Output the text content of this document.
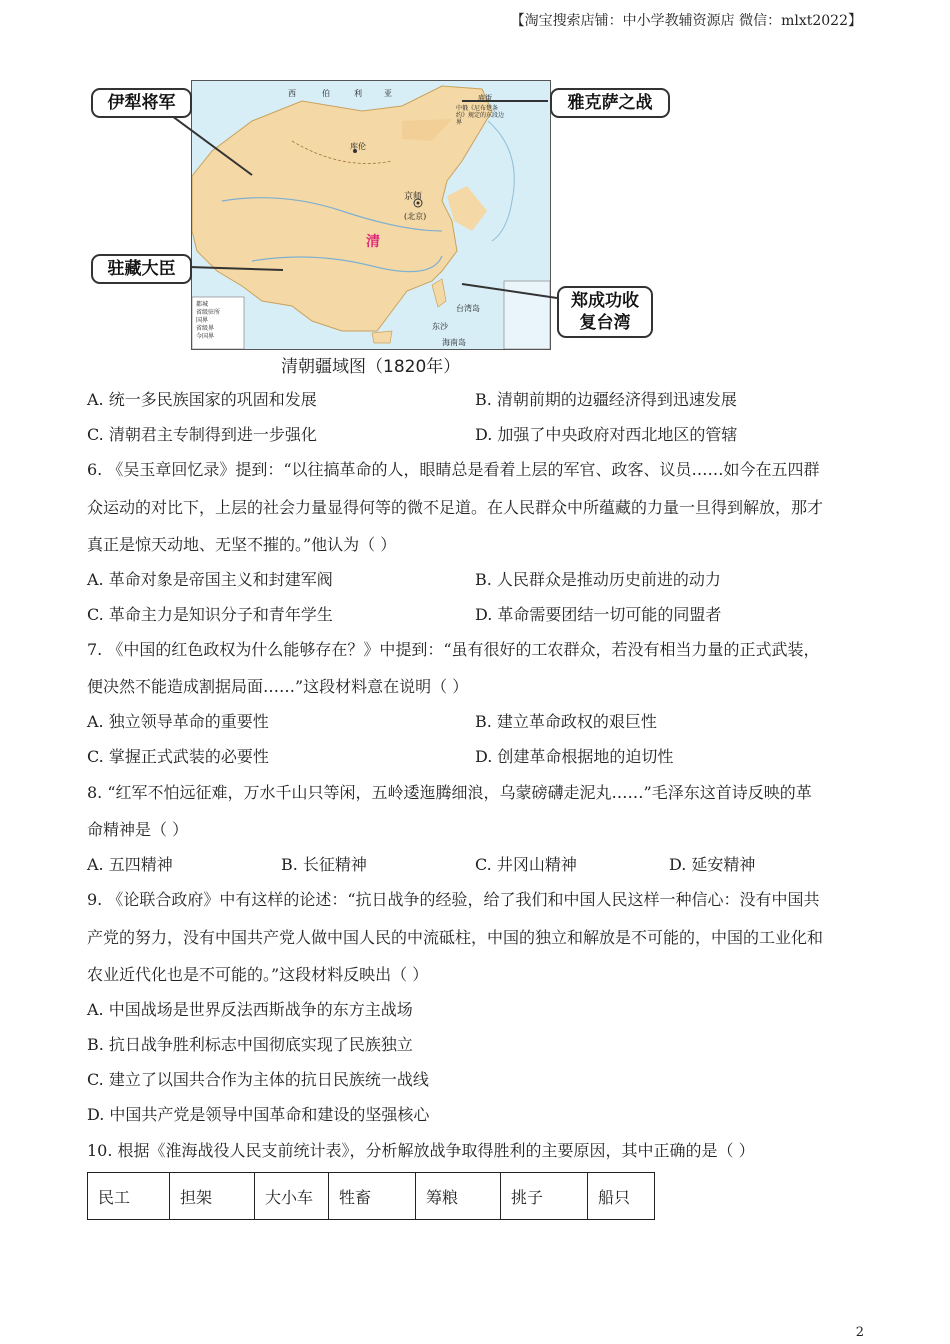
【淘宝搜索店铺：中小学教辅资源店 微信：mlxt2022】
西	伯	利	亚
库伦
京师
(北京)
清
台湾岛
东沙
海南岛
庙街
中俄《尼布楚条约》规定的东段边界
都城
省级驻所
国界
省级界
今国界
伊犁将军	雅克萨之战
驻藏大臣
郑成功收复台湾
清朝疆域图（1820年）
A. 统一多民族国家的巩固和发展	B. 清朝前期的边疆经济得到迅速发展
C. 清朝君主专制得到进一步强化	D. 加强了中央政府对西北地区的管辖
6. 《吴玉章回忆录》提到：“以往搞革命的人，眼睛总是看着上层的军官、政客、议员……如今在五四群
众运动的对比下，上层的社会力量显得何等的微不足道。在人民群众中所蕴藏的力量一旦得到解放，那才
真正是惊天动地、无坚不摧的。”他认为（ ）
A. 革命对象是帝国主义和封建军阀	B. 人民群众是推动历史前进的动力
C. 革命主力是知识分子和青年学生	D. 革命需要团结一切可能的同盟者
7. 《中国的红色政权为什么能够存在？》中提到：“虽有很好的工农群众，若没有相当力量的正式武装，
便决然不能造成割据局面……”这段材料意在说明（ ）
A. 独立领导革命的重要性	B. 建立革命政权的艰巨性
C. 掌握正式武装的必要性	D. 创建革命根据地的迫切性
8. “红军不怕远征难，万水千山只等闲，五岭逶迤腾细浪，乌蒙磅礴走泥丸……”毛泽东这首诗反映的革
命精神是（ ）
A. 五四精神	B. 长征精神	C. 井冈山精神	D. 延安精神
9. 《论联合政府》中有这样的论述：“抗日战争的经验，给了我们和中国人民这样一种信心：没有中国共
产党的努力，没有中国共产党人做中国人民的中流砥柱，中国的独立和解放是不可能的，中国的工业化和
农业近代化也是不可能的。”这段材料反映出（ ）
A. 中国战场是世界反法西斯战争的东方主战场
B. 抗日战争胜利标志中国彻底实现了民族独立
C. 建立了以国共合作为主体的抗日民族统一战线
D. 中国共产党是领导中国革命和建设的坚强核心
10. 根据《淮海战役人民支前统计表》，分析解放战争取得胜利的主要原因，其中正确的是（ ）
民工	担架	大小车	牲畜	筹粮	挑子	船只
2
